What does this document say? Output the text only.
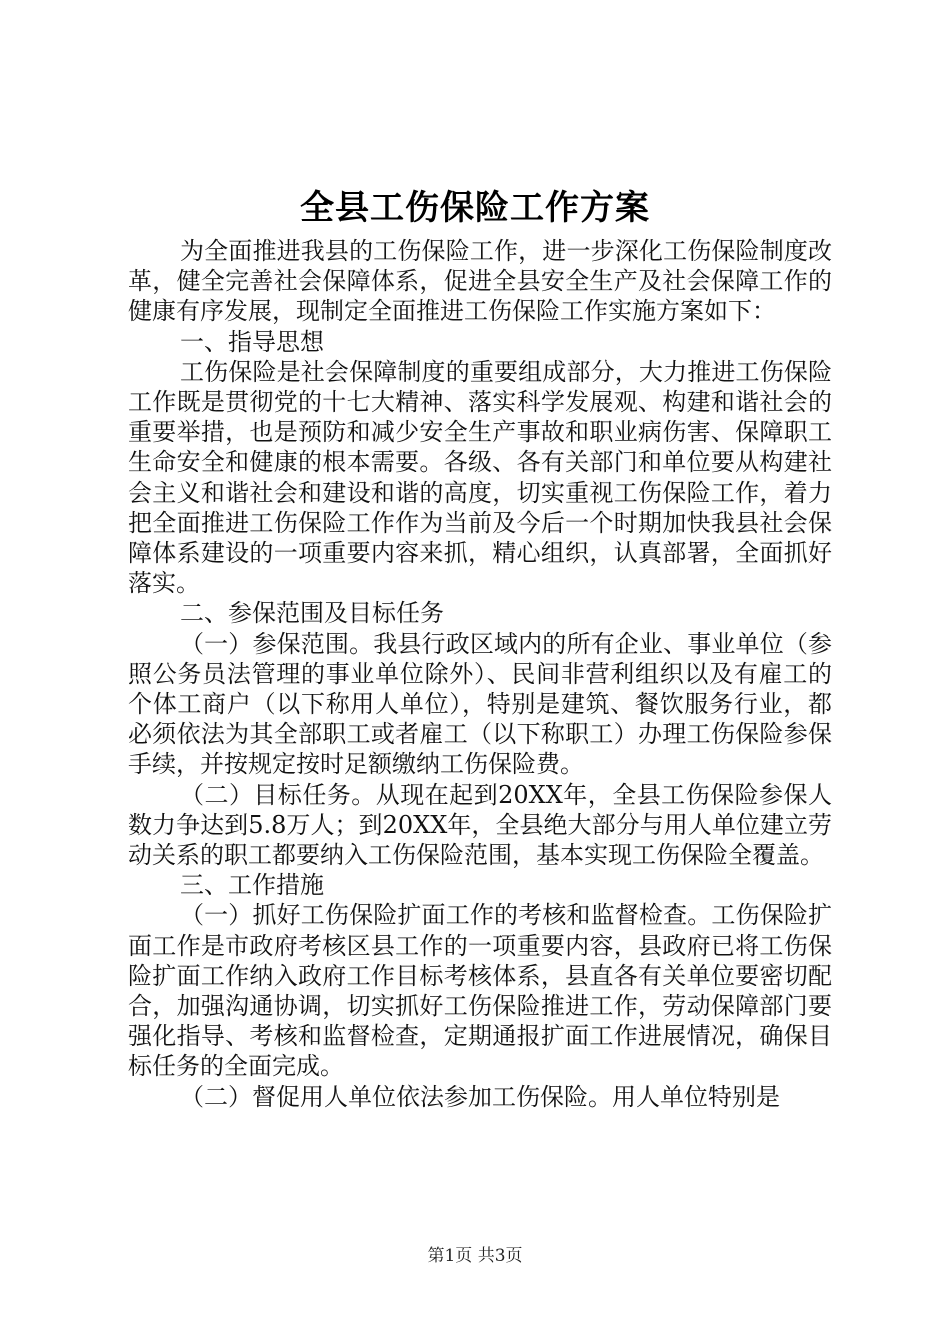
全县工伤保险工作方案

为全面推进我县的工伤保险工作，进一步深化工伤保险制度改革，健全完善社会保障体系，促进全县安全生产及社会保障工作的健康有序发展，现制定全面推进工伤保险工作实施方案如下：

一、指导思想

工伤保险是社会保障制度的重要组成部分，大力推进工伤保险工作既是贯彻党的十七大精神、落实科学发展观、构建和谐社会的重要举措，也是预防和减少安全生产事故和职业病伤害、保障职工生命安全和健康的根本需要。各级、各有关部门和单位要从构建社会主义和谐社会和建设和谐的高度，切实重视工伤保险工作，着力把全面推进工伤保险工作作为当前及今后一个时期加快我县社会保障体系建设的一项重要内容来抓，精心组织，认真部署，全面抓好落实。

二、参保范围及目标任务

（一）参保范围。我县行政区域内的所有企业、事业单位（参照公务员法管理的事业单位除外）、民间非营利组织以及有雇工的个体工商户（以下称用人单位），特别是建筑、餐饮服务行业，都必须依法为其全部职工或者雇工（以下称职工）办理工伤保险参保手续，并按规定按时足额缴纳工伤保险费。

（二）目标任务。从现在起到20XX年，全县工伤保险参保人数力争达到5.8万人；到20XX年，全县绝大部分与用人单位建立劳动关系的职工都要纳入工伤保险范围，基本实现工伤保险全覆盖。

三、工作措施

（一）抓好工伤保险扩面工作的考核和监督检查。工伤保险扩面工作是市政府考核区县工作的一项重要内容，县政府已将工伤保险扩面工作纳入政府工作目标考核体系，县直各有关单位要密切配合，加强沟通协调，切实抓好工伤保险推进工作，劳动保障部门要强化指导、考核和监督检查，定期通报扩面工作进展情况，确保目标任务的全面完成。

（二）督促用人单位依法参加工伤保险。用人单位特别是

第1页 共3页
